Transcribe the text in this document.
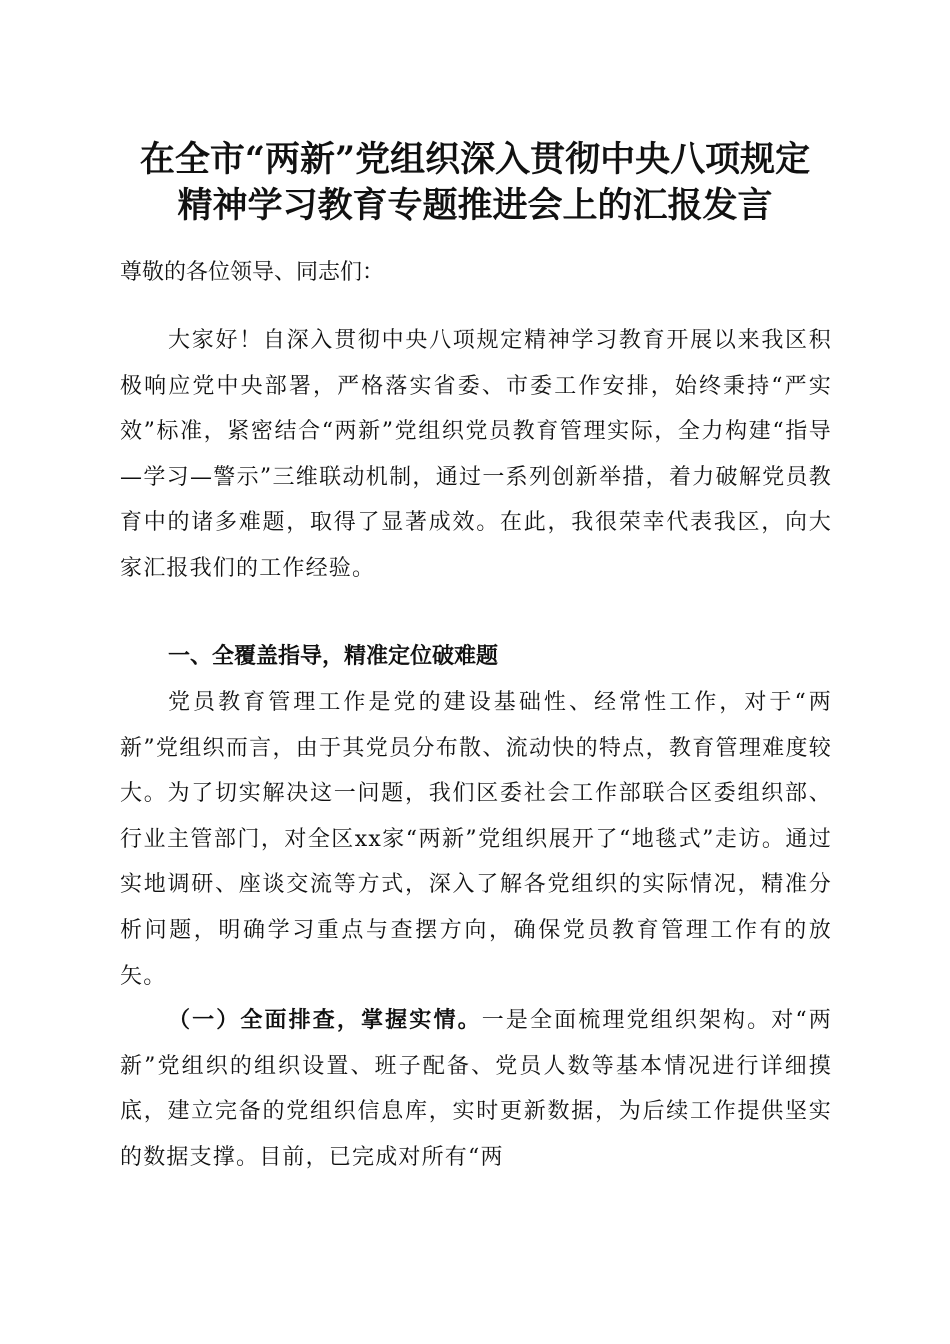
在全市“两新”党组织深入贯彻中央八项规定
精神学习教育专题推进会上的汇报发言
尊敬的各位领导、同志们：
大家好！自深入贯彻中央八项规定精神学习教育开展以来我区积极响应党中央部署，严格落实省委、市委工作安排，始终秉持“严实效”标准，紧密结合“两新”党组织党员教育管理实际，全力构建“指导—学习—警示”三维联动机制，通过一系列创新举措，着力破解党员教育中的诸多难题，取得了显著成效。在此，我很荣幸代表我区，向大家汇报我们的工作经验。
一、全覆盖指导，精准定位破难题
党员教育管理工作是党的建设基础性、经常性工作，对于“两新”党组织而言，由于其党员分布散、流动快的特点，教育管理难度较大。为了切实解决这一问题，我们区委社会工作部联合区委组织部、行业主管部门，对全区xx家“两新”党组织展开了“地毯式”走访。通过实地调研、座谈交流等方式，深入了解各党组织的实际情况，精准分析问题，明确学习重点与查摆方向，确保党员教育管理工作有的放矢。
（一）全面排查，掌握实情。一是全面梳理党组织架构。对“两新”党组织的组织设置、班子配备、党员人数等基本情况进行详细摸底，建立完备的党组织信息库，实时更新数据，为后续工作提供坚实的数据支撑。目前，已完成对所有“两
